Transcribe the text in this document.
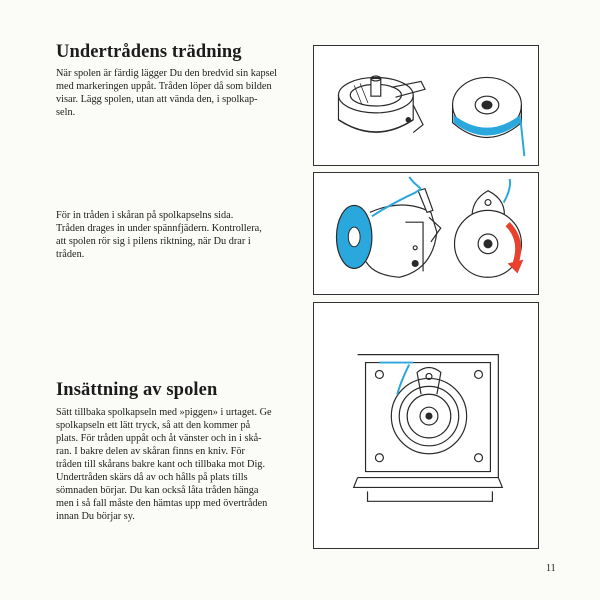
Undertrådens trädning

När spolen är färdig lägger Du den bredvid sin kapsel
med markeringen uppåt. Tråden löper då som bilden
visar. Lägg spolen, utan att vända den, i spolkap-
seln.

För in tråden i skåran på spolkapselns sida.
Tråden drages in under spännfjädern. Kontrollera,
att spolen rör sig i pilens riktning, när Du drar i
tråden.

Insättning av spolen

Sätt tillbaka spolkapseln med »piggen» i urtaget. Ge
spolkapseln ett lätt tryck, så att den kommer på
plats. För tråden uppåt och åt vänster och in i skå-
ran. I bakre delen av skåran finns en kniv. För
tråden till skårans bakre kant och tillbaka mot Dig.
Undertråden skärs då av och hålls på plats tills
sömnaden börjar. Du kan också låta tråden hänga
men i så fall måste den hämtas upp med övertråden
innan Du börjar sy.

11
